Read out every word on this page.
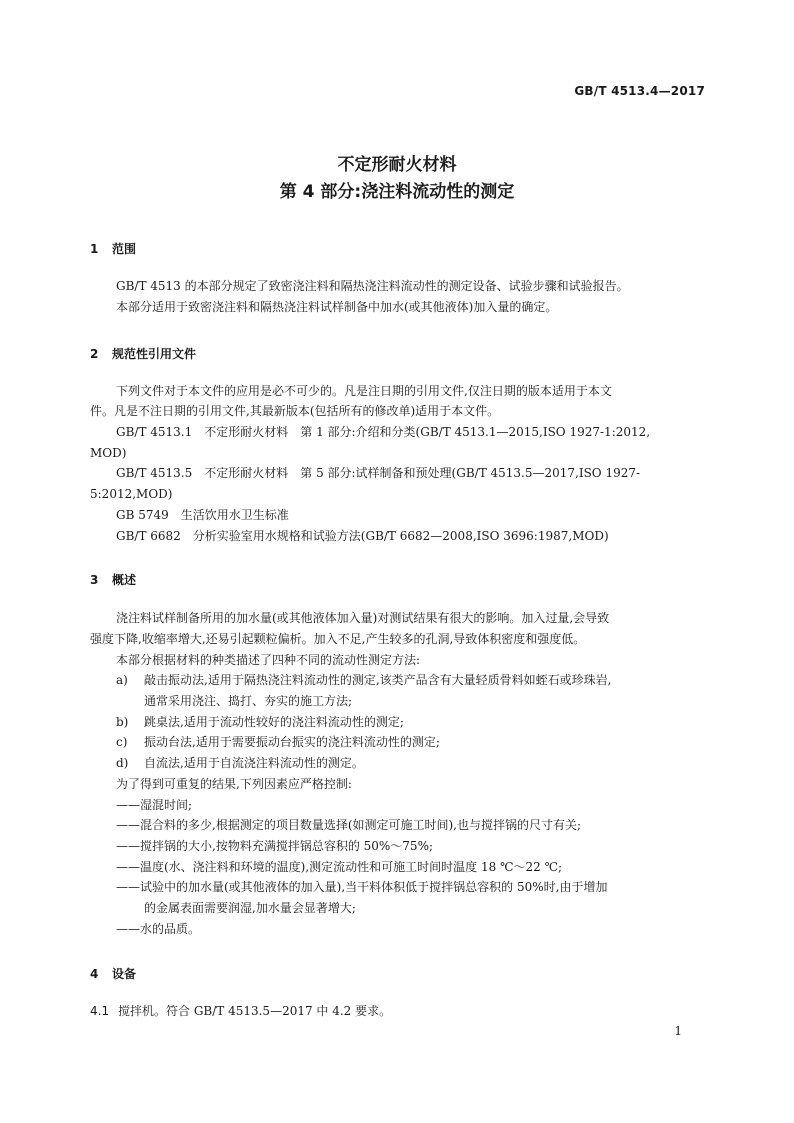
GB/T 4513.4—2017
不定形耐火材料
第 4 部分:浇注料流动性的测定
1 范围
GB/T 4513 的本部分规定了致密浇注料和隔热浇注料流动性的测定设备、试验步骤和试验报告。
本部分适用于致密浇注料和隔热浇注料试样制备中加水(或其他液体)加入量的确定。
2 规范性引用文件
下列文件对于本文件的应用是必不可少的。凡是注日期的引用文件,仅注日期的版本适用于本文
件。凡是不注日期的引用文件,其最新版本(包括所有的修改单)适用于本文件。
GB/T 4513.1　不定形耐火材料　第 1 部分:介绍和分类(GB/T 4513.1—2015,ISO 1927-1:2012,
MOD)
GB/T 4513.5　不定形耐火材料　第 5 部分:试样制备和预处理(GB/T 4513.5—2017,ISO 1927-
5:2012,MOD)
GB 5749　生活饮用水卫生标准
GB/T 6682　分析实验室用水规格和试验方法(GB/T 6682—2008,ISO 3696:1987,MOD)
3 概述
浇注料试样制备所用的加水量(或其他液体加入量)对测试结果有很大的影响。加入过量,会导致
强度下降,收缩率增大,还易引起颗粒偏析。加入不足,产生较多的孔洞,导致体积密度和强度低。
本部分根据材料的种类描述了四种不同的流动性测定方法:
a) 敲击振动法,适用于隔热浇注料流动性的测定,该类产品含有大量轻质骨料如蛭石或珍珠岩,
通常采用浇注、捣打、夯实的施工方法;
b) 跳桌法,适用于流动性较好的浇注料流动性的测定;
c) 振动台法,适用于需要振动台振实的浇注料流动性的测定;
d) 自流法,适用于自流浇注料流动性的测定。
为了得到可重复的结果,下列因素应严格控制:
——湿混时间;
——混合料的多少,根据测定的项目数量选择(如测定可施工时间),也与搅拌锅的尺寸有关;
——搅拌锅的大小,按物料充满搅拌锅总容积的 50%～75%;
——温度(水、浇注料和环境的温度),测定流动性和可施工时间时温度 18 ℃～22 ℃;
——试验中的加水量(或其他液体的加入量),当干料体积低于搅拌锅总容积的 50%时,由于增加
的金属表面需要润湿,加水量会显著增大;
——水的品质。
4 设备
4.1 搅拌机。符合 GB/T 4513.5—2017 中 4.2 要求。
1
